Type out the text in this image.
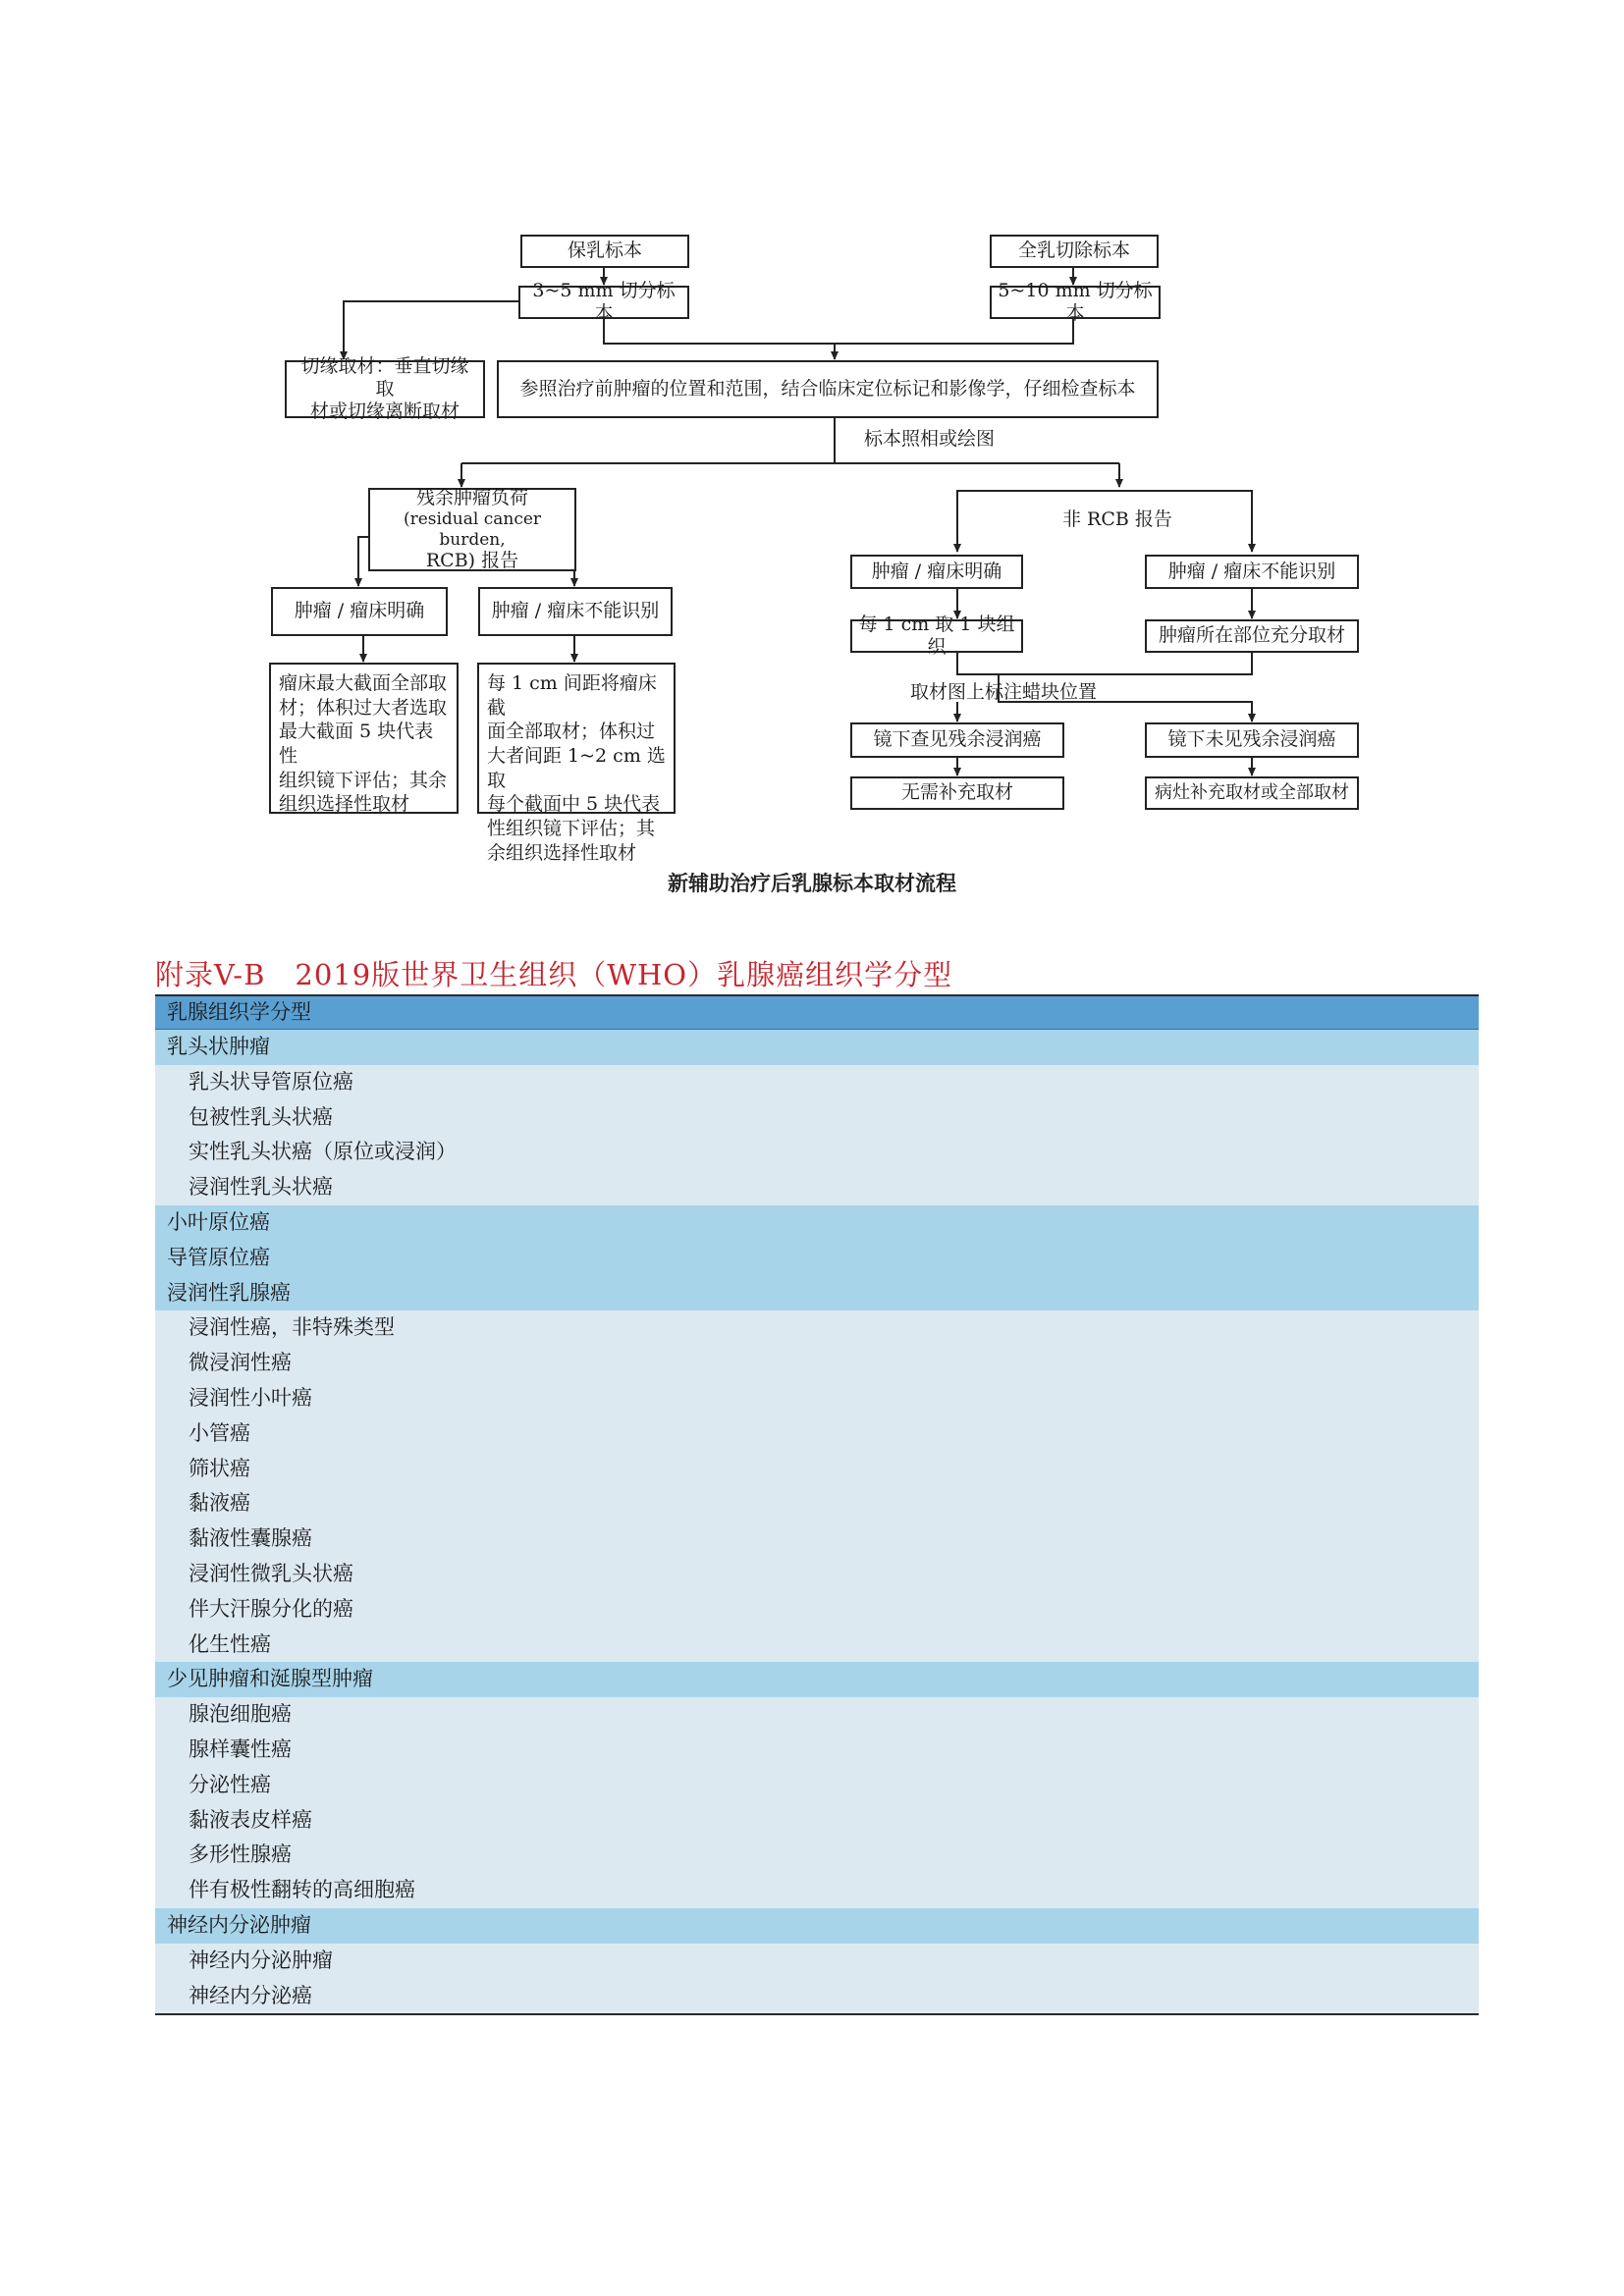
保乳标本	全乳切除标本
3~5 mm 切分标本
5~10 mm 切分标本
切缘取材：垂直切缘取
材或切缘离断取材
参照治疗前肿瘤的位置和范围，结合临床定位标记和影像学，仔细检查标本
标本照相或绘图
残余肿瘤负荷
(residual cancer burden,
RCB) 报告
非 RCB 报告
肿瘤 / 瘤床明确	肿瘤 / 瘤床不能识别
肿瘤 / 瘤床明确	肿瘤 / 瘤床不能识别
每 1 cm 取 1 块组织
肿瘤所在部位充分取材
取材图上标注蜡块位置
瘤床最大截面全部取
材；体积过大者选取
最大截面 5 块代表性
组织镜下评估；其余
组织选择性取材
每 1 cm 间距将瘤床截
面全部取材；体积过
大者间距 1~2 cm 选取
每个截面中 5 块代表
性组织镜下评估；其
余组织选择性取材
镜下查见残余浸润癌	镜下未见残余浸润癌
无需补充取材	病灶补充取材或全部取材
新辅助治疗后乳腺标本取材流程
附录V-B　2019版世界卫生组织（WHO）乳腺癌组织学分型
乳腺组织学分型
乳头状肿瘤
乳头状导管原位癌
包被性乳头状癌
实性乳头状癌（原位或浸润）
浸润性乳头状癌
小叶原位癌
导管原位癌
浸润性乳腺癌
浸润性癌，非特殊类型
微浸润性癌
浸润性小叶癌
小管癌
筛状癌
黏液癌
黏液性囊腺癌
浸润性微乳头状癌
伴大汗腺分化的癌
化生性癌
少见肿瘤和涎腺型肿瘤
腺泡细胞癌
腺样囊性癌
分泌性癌
黏液表皮样癌
多形性腺癌
伴有极性翻转的高细胞癌
神经内分泌肿瘤
神经内分泌肿瘤
神经内分泌癌
